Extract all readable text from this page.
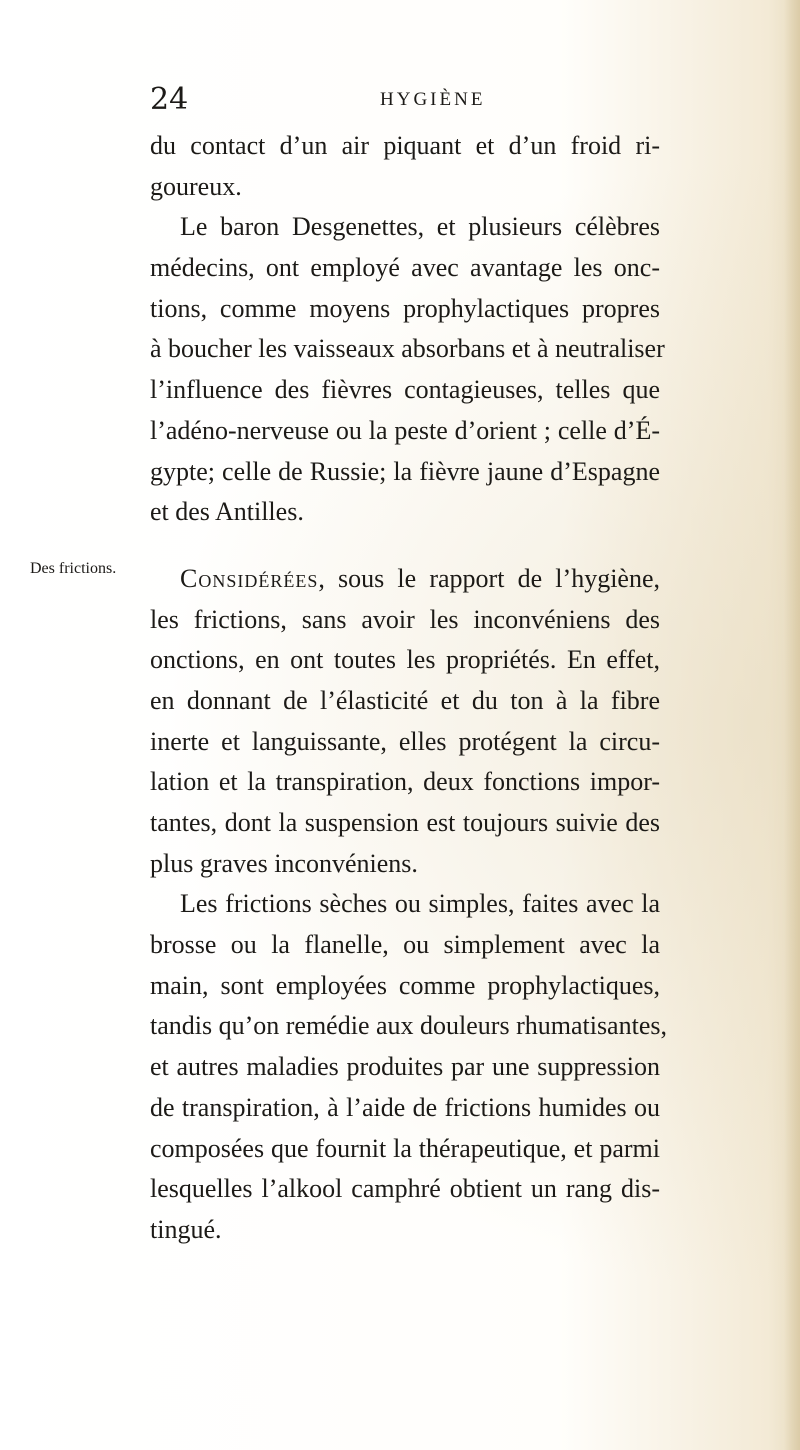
24	HYGIÈNE
Des frictions.
du contact d’un air piquant et d’un froid ri-
goureux.
Le baron Desgenettes, et plusieurs célèbres
médecins, ont employé avec avantage les onc-
tions, comme moyens prophylactiques propres
à boucher les vaisseaux absorbans et à neutraliser
l’influence des fièvres contagieuses, telles que
l’adéno-nerveuse ou la peste d’orient ; celle d’É-
gypte; celle de Russie; la fièvre jaune d’Espagne
et des Antilles.
Considérées, sous le rapport de l’hygiène,
les frictions, sans avoir les inconvéniens des
onctions, en ont toutes les propriétés. En effet,
en donnant de l’élasticité et du ton à la fibre
inerte et languissante, elles protégent la circu-
lation et la transpiration, deux fonctions impor-
tantes, dont la suspension est toujours suivie des
plus graves inconvéniens.
Les frictions sèches ou simples, faites avec la
brosse ou la flanelle, ou simplement avec la
main, sont employées comme prophylactiques,
tandis qu’on remédie aux douleurs rhumatisantes,
et autres maladies produites par une suppression
de transpiration, à l’aide de frictions humides ou
composées que fournit la thérapeutique, et parmi
lesquelles l’alkool camphré obtient un rang dis-
tingué.
